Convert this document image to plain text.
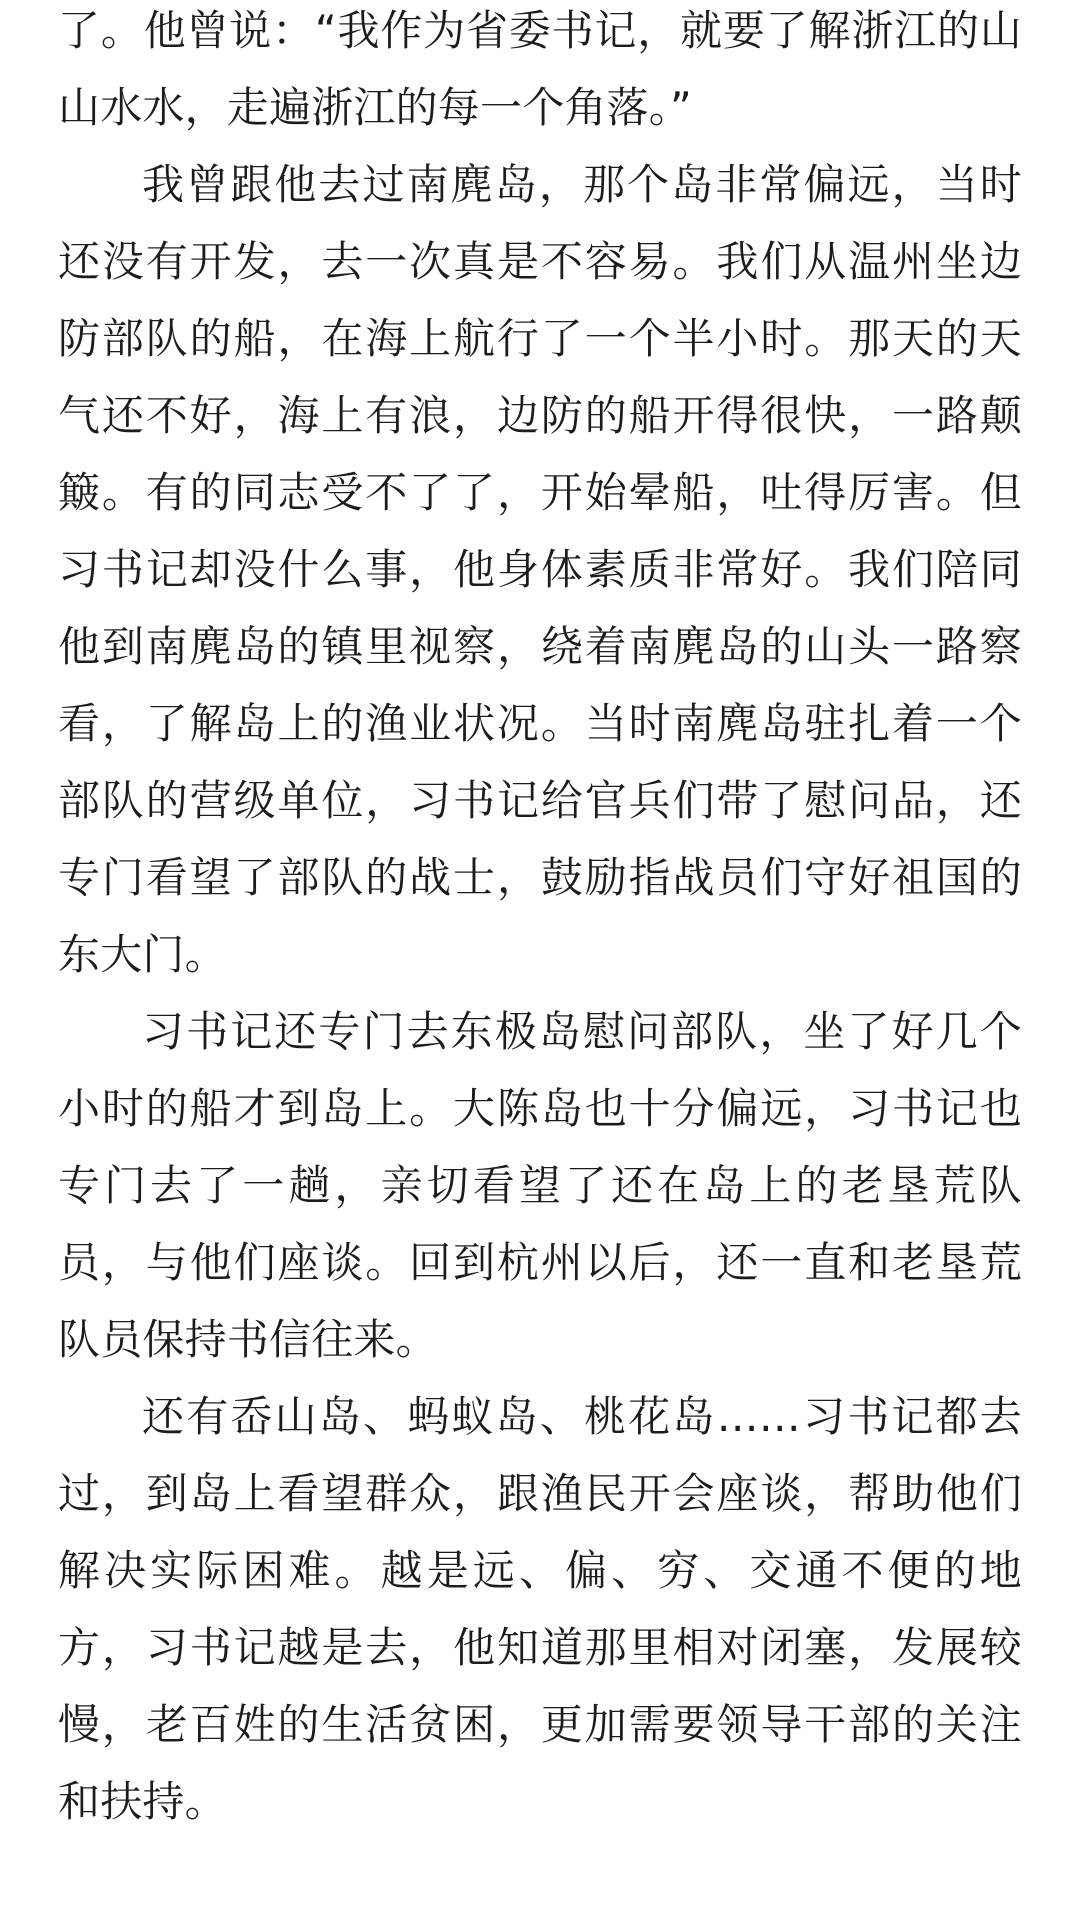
了。他曾说：“我作为省委书记，就要了解浙江的山山水水，走遍浙江的每一个角落。”

我曾跟他去过南麂岛，那个岛非常偏远，当时还没有开发，去一次真是不容易。我们从温州坐边防部队的船，在海上航行了一个半小时。那天的天气还不好，海上有浪，边防的船开得很快，一路颠簸。有的同志受不了了，开始晕船，吐得厉害。但习书记却没什么事，他身体素质非常好。我们陪同他到南麂岛的镇里视察，绕着南麂岛的山头一路察看，了解岛上的渔业状况。当时南麂岛驻扎着一个部队的营级单位，习书记给官兵们带了慰问品，还专门看望了部队的战士，鼓励指战员们守好祖国的东大门。

习书记还专门去东极岛慰问部队，坐了好几个小时的船才到岛上。大陈岛也十分偏远，习书记也专门去了一趟，亲切看望了还在岛上的老垦荒队员，与他们座谈。回到杭州以后，还一直和老垦荒队员保持书信往来。

还有岙山岛、蚂蚁岛、桃花岛……习书记都去过，到岛上看望群众，跟渔民开会座谈，帮助他们解决实际困难。越是远、偏、穷、交通不便的地方，习书记越是去，他知道那里相对闭塞，发展较慢，老百姓的生活贫困，更加需要领导干部的关注和扶持。
